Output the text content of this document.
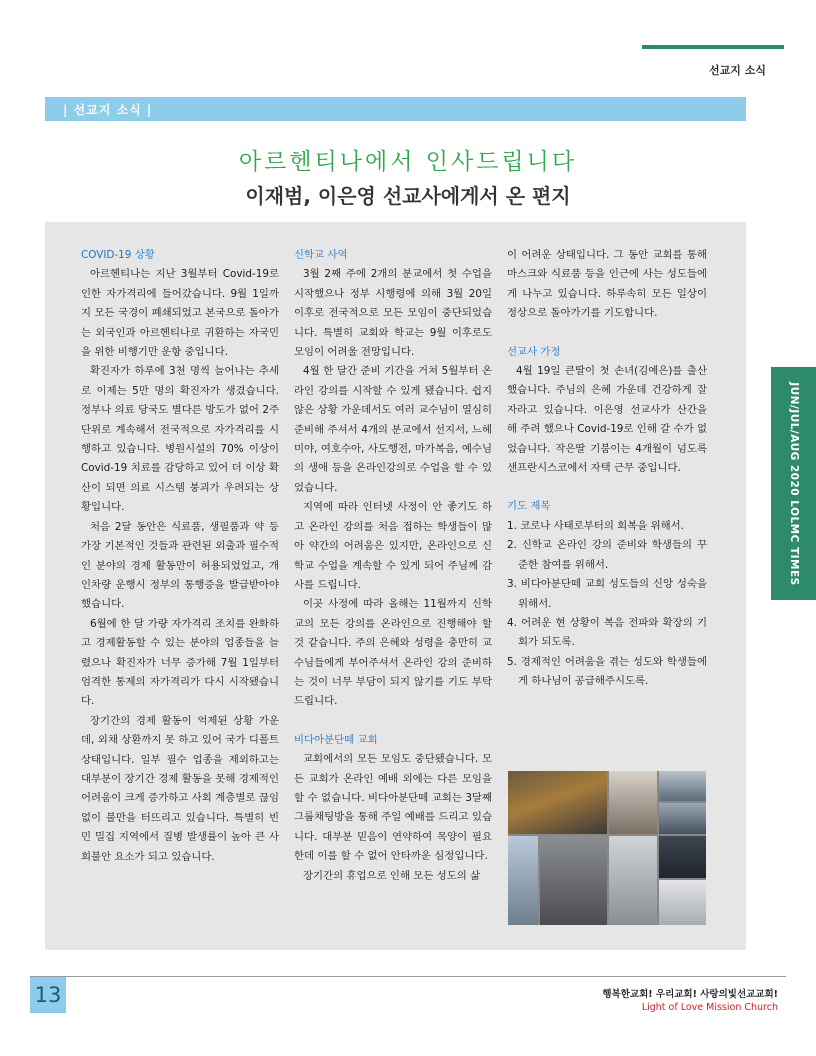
선교지 소식
| 선교지 소식 |
아르헨티나에서 인사드립니다
이재범, 이은영 선교사에게서 온 편지
COVID-19 상황
아르헨티나는 지난 3월부터 Covid-19로 인한 자가격리에 들어갔습니다. 9월 1일까지 모든 국경이 폐쇄되었고 본국으로 돌아가는 외국인과 아르헨티나로 귀환하는 자국민을 위한 비행기만 운항 중입니다.
확진자가 하루에 3천 명씩 늘어나는 추세로 이제는 5만 명의 확진자가 생겼습니다. 정부나 의료 당국도 별다른 방도가 없어 2주 단위로 계속해서 전국적으로 자가격리를 시행하고 있습니다. 병원시설의 70% 이상이 Covid-19 치료를 감당하고 있어 더 이상 확산이 되면 의료 시스템 붕괴가 우려되는 상황입니다.
처음 2달 동안은 식료품, 생필품과 약 등 가장 기본적인 것들과 관련된 외출과 필수적인 분야의 경제 활동만이 허용되었었고, 개인차량 운행시 정부의 통행증을 발급받아야 했습니다.
6월에 한 달 가량 자가격리 조치를 완화하고 경제활동할 수 있는 분야의 업종들을 늘렸으나 확진자가 너무 증가해 7월 1일부터 엄격한 통제의 자가격리가 다시 시작됐습니다.
장기간의 경제 활동이 억제된 상황 가운데, 외채 상환까지 못 하고 있어 국가 디폴트 상태입니다. 일부 필수 업종을 제외하고는 대부분이 장기간 경제 활동을 못해 경제적인 어려움이 크게 증가하고 사회 계층별로 끊임없이 불만을 터뜨리고 있습니다. 특별히 빈민 밀집 지역에서 질병 발생률이 높아 큰 사회불안 요소가 되고 있습니다.
신학교 사역
3월 2째 주에 2개의 분교에서 첫 수업을 시작했으나 정부 시행령에 의해 3월 20일 이후로 전국적으로 모든 모임이 중단되었습니다. 특별히 교회와 학교는 9월 이후로도 모임이 어려울 전망입니다.
4월 한 달간 준비 기간을 거쳐 5월부터 온라인 강의를 시작할 수 있게 됐습니다. 쉽지 않은 상황 가운데서도 여러 교수님이 열심히 준비해 주셔서 4개의 분교에서 선지서, 느헤미야, 여호수아, 사도행전, 마가복음, 예수님의 생애 등을 온라인강의로 수업을 할 수 있었습니다.
지역에 따라 인터넷 사정이 안 좋기도 하고 온라인 강의를 처음 접하는 학생들이 많아 약간의 어려움은 있지만, 온라인으로 신학교 수업을 계속할 수 있게 되어 주님께 감사를 드립니다.
이곳 사정에 따라 올해는 11월까지 신학교의 모든 강의를 온라인으로 진행해야 할 것 같습니다. 주의 은혜와 성령을 충만히 교수님들에게 부어주셔서 온라인 강의 준비하는 것이 너무 부담이 되지 않기를 기도 부탁드립니다.
비다아분단떼 교회
교회에서의 모든 모임도 중단됐습니다. 모든 교회가 온라인 예배 외에는 다른 모임을 할 수 없습니다. 비다아분단떼 교회는 3달째 그룹채팅방을 통해 주일 예배를 드리고 있습니다. 대부분 믿음이 연약하여 목양이 필요한데 이를 할 수 없어 안타까운 심정입니다.
장기간의 휴업으로 인해 모든 성도의 삶
이 어려운 상태입니다. 그 동안 교회를 통해 마스크와 식료품 등을 인근에 사는 성도들에게 나누고 있습니다. 하루속히 모든 일상이 정상으로 돌아가기를 기도합니다.
선교사 가정
4월 19일 큰딸이 첫 손녀(김예은)를 출산했습니다. 주님의 은혜 가운데 건강하게 잘 자라고 있습니다. 이은영 선교사가 산간을 해 주려 했으나 Covid-19로 인해 갈 수가 없었습니다. 작은딸 기붐이는 4개월이 넘도록 샌프란시스코에서 자택 근무 중입니다.
기도 제목
1. 코로나 사태로부터의 회복을 위해서.
2. 신학교 온라인 강의 준비와 학생들의 꾸준한 참여를 위해서.
3. 비다아분단떼 교회 성도들의 신앙 성숙을 위해서.
4. 어려운 현 상황이 복음 전파와 확장의 기회가 되도록.
5. 경제적인 어려움을 겪는 성도와 학생들에게 하나님이 공급해주시도록.
JUN/JUL/AUG 2020 LOLMC TIMES
13	행복한교회! 우리교회! 사랑의빛선교교회!
Light of Love Mission Church
